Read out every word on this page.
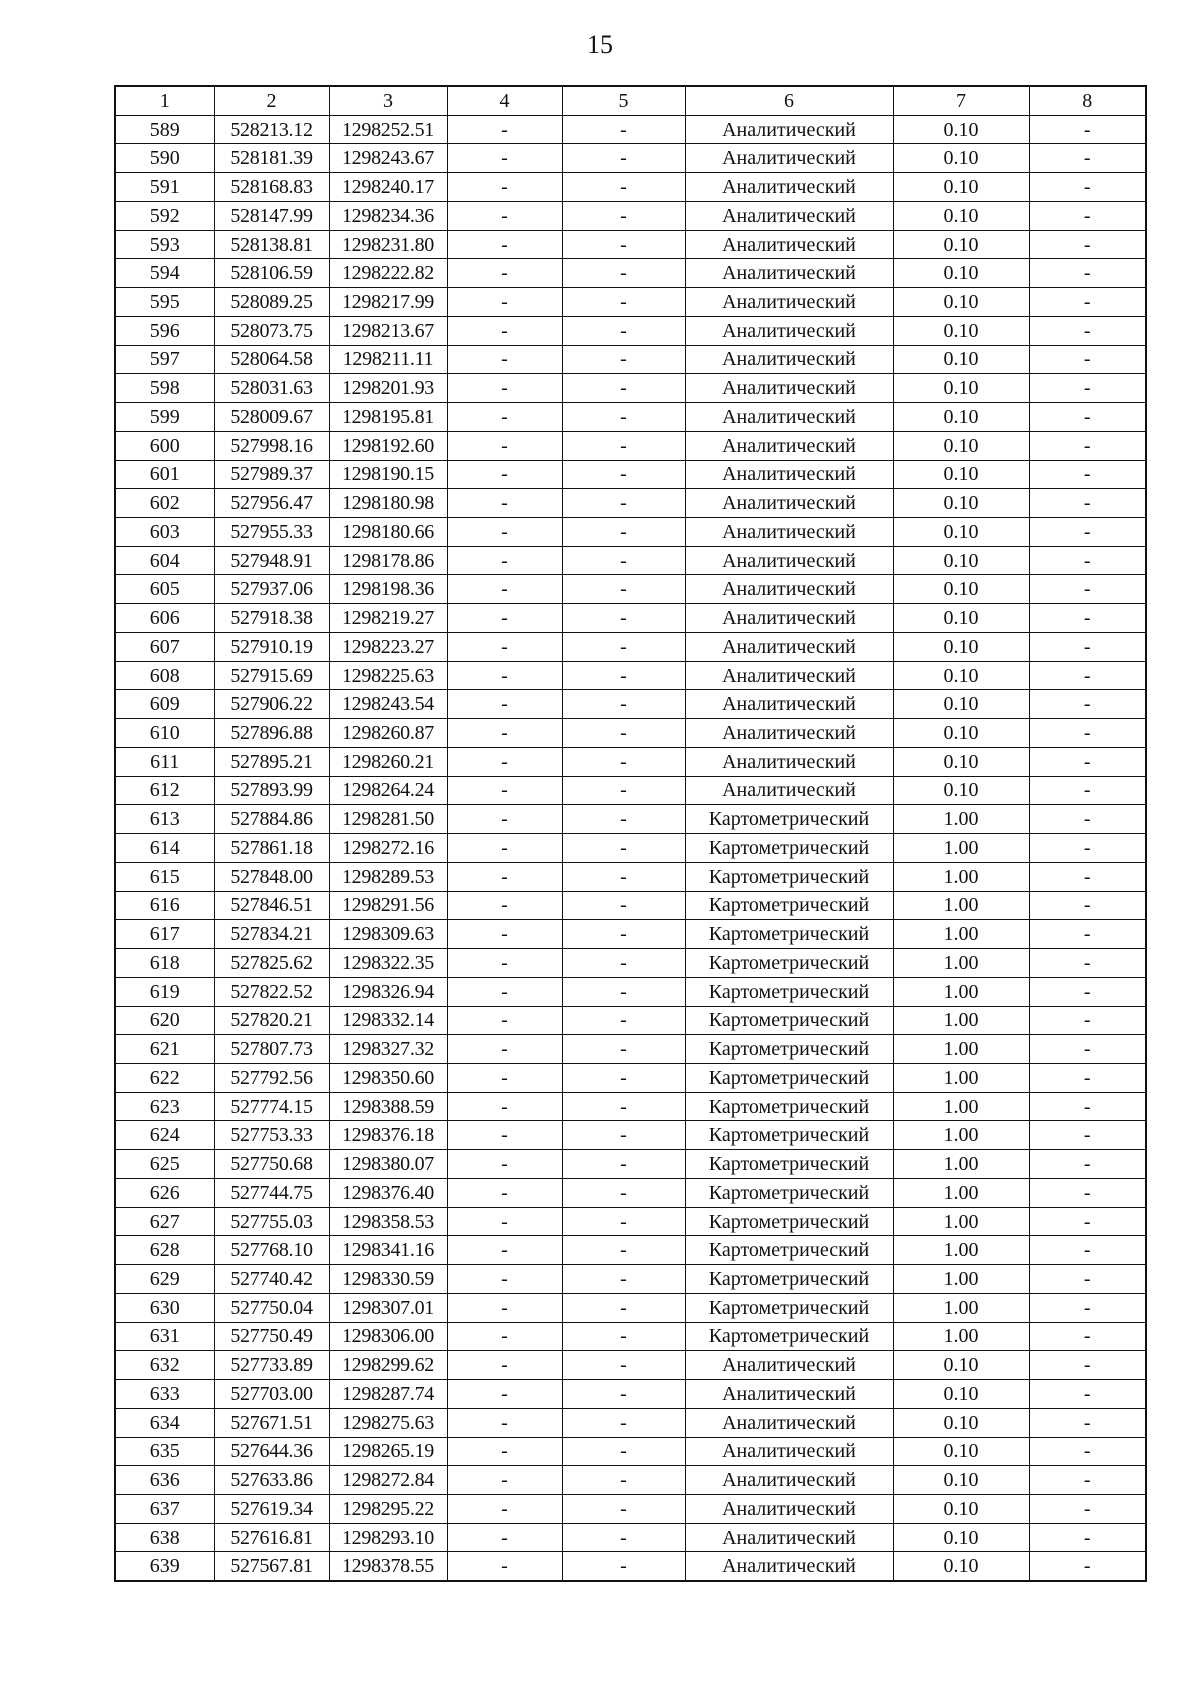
15
1	2	3	4	5	6	7	8
589	528213.12	1298252.51	-	-	Аналитический	0.10	-
590	528181.39	1298243.67	-	-	Аналитический	0.10	-
591	528168.83	1298240.17	-	-	Аналитический	0.10	-
592	528147.99	1298234.36	-	-	Аналитический	0.10	-
593	528138.81	1298231.80	-	-	Аналитический	0.10	-
594	528106.59	1298222.82	-	-	Аналитический	0.10	-
595	528089.25	1298217.99	-	-	Аналитический	0.10	-
596	528073.75	1298213.67	-	-	Аналитический	0.10	-
597	528064.58	1298211.11	-	-	Аналитический	0.10	-
598	528031.63	1298201.93	-	-	Аналитический	0.10	-
599	528009.67	1298195.81	-	-	Аналитический	0.10	-
600	527998.16	1298192.60	-	-	Аналитический	0.10	-
601	527989.37	1298190.15	-	-	Аналитический	0.10	-
602	527956.47	1298180.98	-	-	Аналитический	0.10	-
603	527955.33	1298180.66	-	-	Аналитический	0.10	-
604	527948.91	1298178.86	-	-	Аналитический	0.10	-
605	527937.06	1298198.36	-	-	Аналитический	0.10	-
606	527918.38	1298219.27	-	-	Аналитический	0.10	-
607	527910.19	1298223.27	-	-	Аналитический	0.10	-
608	527915.69	1298225.63	-	-	Аналитический	0.10	-
609	527906.22	1298243.54	-	-	Аналитический	0.10	-
610	527896.88	1298260.87	-	-	Аналитический	0.10	-
611	527895.21	1298260.21	-	-	Аналитический	0.10	-
612	527893.99	1298264.24	-	-	Аналитический	0.10	-
613	527884.86	1298281.50	-	-	Картометрический	1.00	-
614	527861.18	1298272.16	-	-	Картометрический	1.00	-
615	527848.00	1298289.53	-	-	Картометрический	1.00	-
616	527846.51	1298291.56	-	-	Картометрический	1.00	-
617	527834.21	1298309.63	-	-	Картометрический	1.00	-
618	527825.62	1298322.35	-	-	Картометрический	1.00	-
619	527822.52	1298326.94	-	-	Картометрический	1.00	-
620	527820.21	1298332.14	-	-	Картометрический	1.00	-
621	527807.73	1298327.32	-	-	Картометрический	1.00	-
622	527792.56	1298350.60	-	-	Картометрический	1.00	-
623	527774.15	1298388.59	-	-	Картометрический	1.00	-
624	527753.33	1298376.18	-	-	Картометрический	1.00	-
625	527750.68	1298380.07	-	-	Картометрический	1.00	-
626	527744.75	1298376.40	-	-	Картометрический	1.00	-
627	527755.03	1298358.53	-	-	Картометрический	1.00	-
628	527768.10	1298341.16	-	-	Картометрический	1.00	-
629	527740.42	1298330.59	-	-	Картометрический	1.00	-
630	527750.04	1298307.01	-	-	Картометрический	1.00	-
631	527750.49	1298306.00	-	-	Картометрический	1.00	-
632	527733.89	1298299.62	-	-	Аналитический	0.10	-
633	527703.00	1298287.74	-	-	Аналитический	0.10	-
634	527671.51	1298275.63	-	-	Аналитический	0.10	-
635	527644.36	1298265.19	-	-	Аналитический	0.10	-
636	527633.86	1298272.84	-	-	Аналитический	0.10	-
637	527619.34	1298295.22	-	-	Аналитический	0.10	-
638	527616.81	1298293.10	-	-	Аналитический	0.10	-
639	527567.81	1298378.55	-	-	Аналитический	0.10	-
